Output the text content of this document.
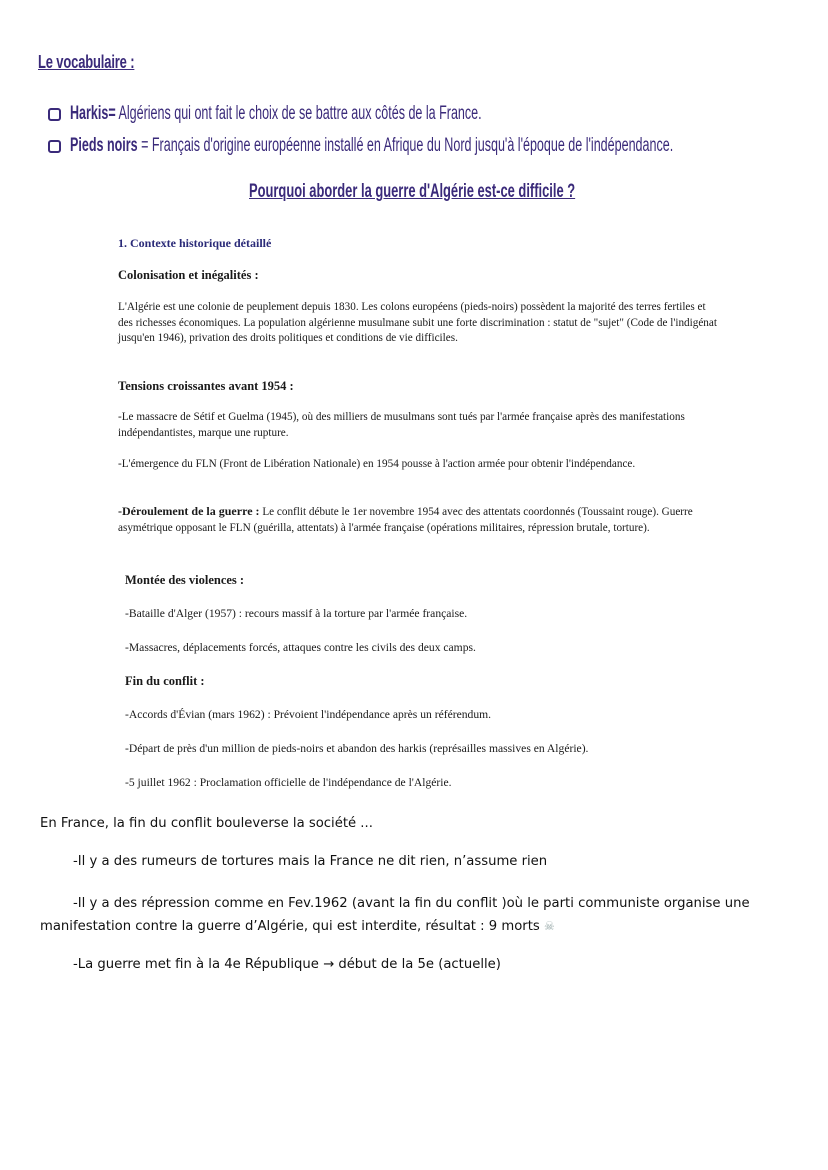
Le vocabulaire :
Harkis= Algériens qui ont fait le choix de se battre aux côtés de la France.
Pieds noirs = Français d'origine européenne installé en Afrique du Nord jusqu'à l'époque de l'indépendance.
Pourquoi aborder la guerre d'Algérie est-ce difficile ?
1. Contexte historique détaillé
Colonisation et inégalités :
L'Algérie est une colonie de peuplement depuis 1830. Les colons européens (pieds-noirs) possèdent la majorité des terres fertiles et des richesses économiques. La population algérienne musulmane subit une forte discrimination : statut de "sujet" (Code de l'indigénat jusqu'en 1946), privation des droits politiques et conditions de vie difficiles.
Tensions croissantes avant 1954 :
-Le massacre de Sétif et Guelma (1945), où des milliers de musulmans sont tués par l'armée française après des manifestations indépendantistes, marque une rupture.
-L'émergence du FLN (Front de Libération Nationale) en 1954 pousse à l'action armée pour obtenir l'indépendance.
-Déroulement de la guerre : Le conflit débute le 1er novembre 1954 avec des attentats coordonnés (Toussaint rouge). Guerre asymétrique opposant le FLN (guérilla, attentats) à l'armée française (opérations militaires, répression brutale, torture).
Montée des violences :
-Bataille d'Alger (1957) : recours massif à la torture par l'armée française.
-Massacres, déplacements forcés, attaques contre les civils des deux camps.
Fin du conflit :
-Accords d'Évian (mars 1962) : Prévoient l'indépendance après un référendum.
-Départ de près d'un million de pieds-noirs et abandon des harkis (représailles massives en Algérie).
-5 juillet 1962 : Proclamation officielle de l'indépendance de l'Algérie.
En France, la fin du conflit bouleverse la société ...
-Il y a des rumeurs de tortures mais la France ne dit rien, n’assume rien
-Il y a des répression comme en Fev.1962 (avant la fin du conflit )où le parti communiste organise une manifestation contre la guerre d’Algérie, qui est interdite, résultat : 9 morts ☠
-La guerre met fin à la 4e République → début de la 5e (actuelle)
